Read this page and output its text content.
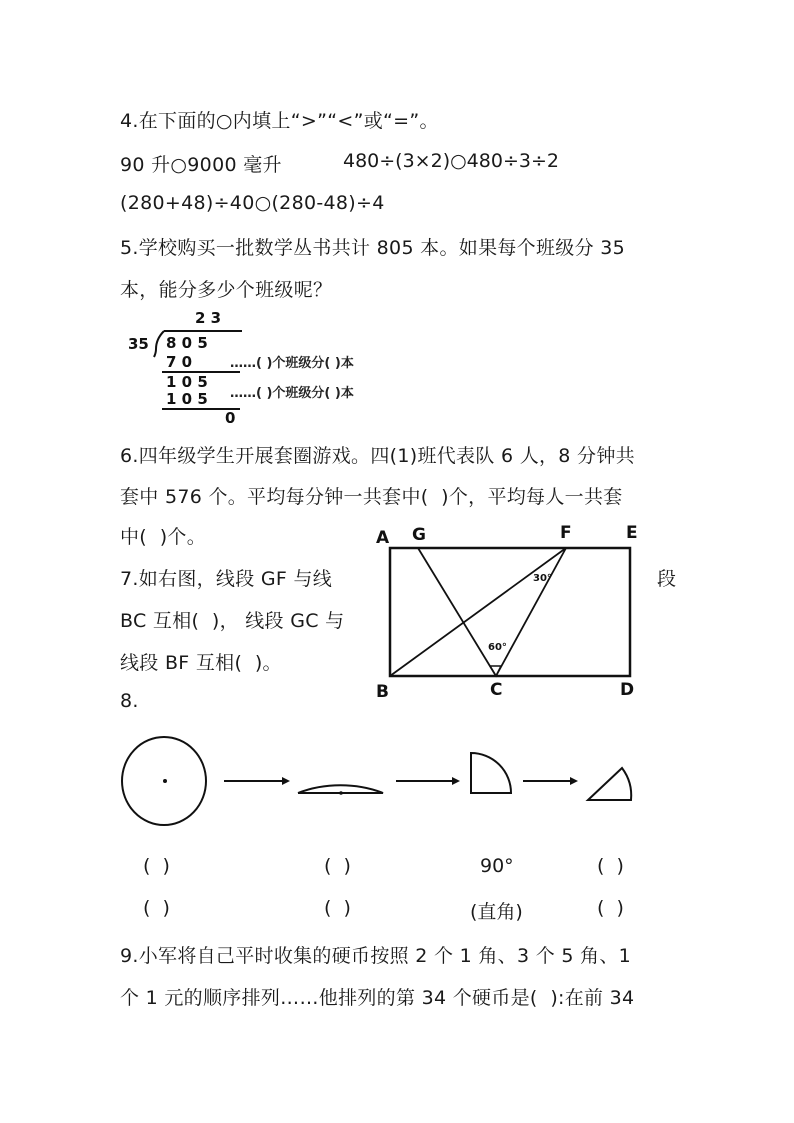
4.在下面的○内填上“>”“<”或“=”。
90 升○9000 毫升	480÷(3×2)○480÷3÷2
(280+48)÷40○(280-48)÷4
5.学校购买一批数学丛书共计 805 本。如果每个班级分 35
本，能分多少个班级呢？
2 3
35 8 0 5
7 0
1 0 5
1 0 5
0
……( )个班级分( )本
……( )个班级分( )本
6.四年级学生开展套圈游戏。四(1)班代表队 6 人，8 分钟共
套中 576 个。平均每分钟一共套中(  )个，平均每人一共套
中(  )个。
7.如右图，线段 GF 与线	段
BC 互相(  )， 线段 GC 与
线段 BF 互相(  )。
A G	F	E
B	C	D
30°
60°
8.
(  )	(  )	90°	(  )
(  )	(  )	(直角)	(  )
9.小军将自己平时收集的硬币按照 2 个 1 角、3 个 5 角、1
个 1 元的顺序排列……他排列的第 34 个硬币是(  ):在前 34
